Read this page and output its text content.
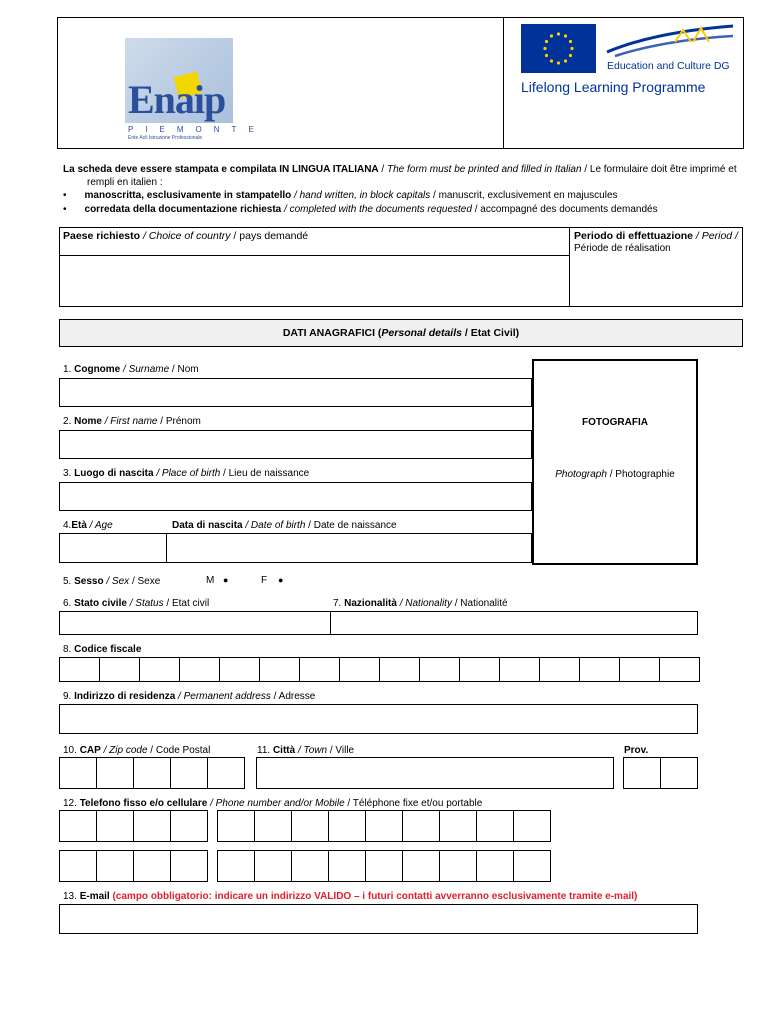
Enaip
PIEMONTE
Ente Acli Istruzione Professionale
Education and Culture DG
Lifelong Learning Programme
La scheda deve essere stampata e compilata IN LINGUA ITALIANA / The form must be printed and filled in Italian / Le formulaire doit être imprimé et
rempli en italien :
• manoscritta, esclusivamente in stampatello / hand written, in block capitals / manuscrit, exclusivement en majuscules
• corredata della documentazione richiesta / completed with the documents requested / accompagné des documents demandés
Paese richiesto / Choice of country / pays demandé	Periodo di effettuazione / Period /
Période de réalisation
DATI ANAGRAFICI (Personal details / Etat Civil)
FOTOGRAFIA
Photograph / Photographie
1. Cognome / Surname / Nom
2. Nome / First name / Prénom
3. Luogo di nascita / Place of birth / Lieu de naissance
4.Età / Age	Data di nascita / Date of birth / Date de naissance
5. Sesso / Sex / Sexe	M ●	F ●
6. Stato civile / Status / Etat civil	7. Nazionalità / Nationality / Nationalité
8. Codice fiscale
9. Indirizzo di residenza / Permanent address / Adresse
10. CAP / Zip code / Code Postal	11. Città / Town / Ville	Prov.
12. Telefono fisso e/o cellulare / Phone number and/or Mobile / Téléphone fixe et/ou portable
13. E-mail (campo obbligatorio: indicare un indirizzo VALIDO – i futuri contatti avverranno esclusivamente tramite e-mail)
